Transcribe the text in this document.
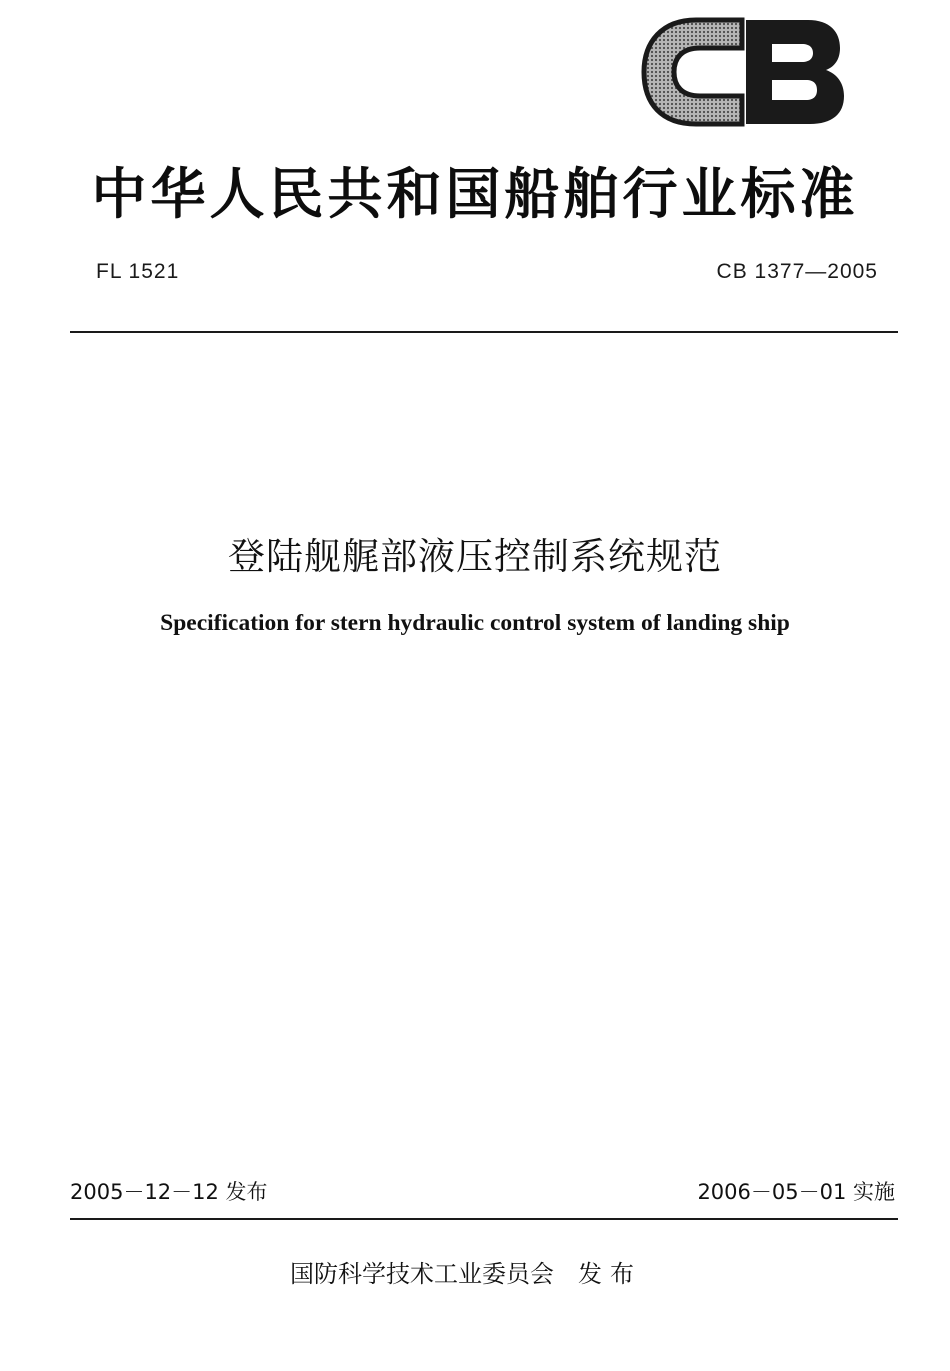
中华人民共和国船舶行业标准
FL 1521	CB 1377—2005
登陆舰艉部液压控制系统规范
Specification for stern hydraulic control system of landing ship
2005－12－12 发布	2006－05－01 实施
国防科学技术工业委员会 发布
